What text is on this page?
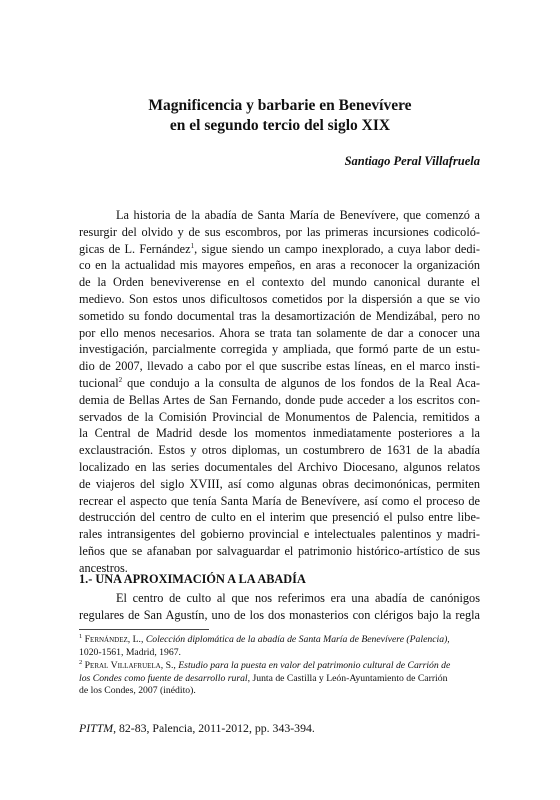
Magnificencia y barbarie en Benevívere
en el segundo tercio del siglo XIX
Santiago Peral Villafruela
La historia de la abadía de Santa María de Benevívere, que comenzó a
resurgir del olvido y de sus escombros, por las primeras incursiones codicoló-
gicas de L. Fernández$^1$, sigue siendo un campo inexplorado, a cuya labor dedi-
co en la actualidad mis mayores empeños, en aras a reconocer la organización
de la Orden beneviverense en el contexto del mundo canonical durante el
medievo. Son estos unos dificultosos cometidos por la dispersión a que se vio
sometido su fondo documental tras la desamortización de Mendizábal, pero no
por ello menos necesarios. Ahora se trata tan solamente de dar a conocer una
investigación, parcialmente corregida y ampliada, que formó parte de un estu-
dio de 2007, llevado a cabo por el que suscribe estas líneas, en el marco insti-
tucional$^2$ que condujo a la consulta de algunos de los fondos de la Real Aca-
demia de Bellas Artes de San Fernando, donde pude acceder a los escritos con-
servados de la Comisión Provincial de Monumentos de Palencia, remitidos a
la Central de Madrid desde los momentos inmediatamente posteriores a la
exclaustración. Estos y otros diplomas, un costumbrero de 1631 de la abadía
localizado en las series documentales del Archivo Diocesano, algunos relatos
de viajeros del siglo XVIII, así como algunas obras decimonónicas, permiten
recrear el aspecto que tenía Santa María de Benevívere, así como el proceso de
destrucción del centro de culto en el interim que presenció el pulso entre libe-
rales intransigentes del gobierno provincial e intelectuales palentinos y madri-
leños que se afanaban por salvaguardar el patrimonio histórico-artístico de sus
ancestros.
1.- UNA APROXIMACIÓN A LA ABADÍA
El centro de culto al que nos referimos era una abadía de canónigos
regulares de San Agustín, uno de los dos monasterios con clérigos bajo la regla
$^1$ Fernández, L., Colección diplomática de la abadía de Santa María de Benevívere (Palencia),
1020-1561, Madrid, 1967.
$^2$ Peral Villafruela, S., Estudio para la puesta en valor del patrimonio cultural de Carrión de
los Condes como fuente de desarrollo rural, Junta de Castilla y León-Ayuntamiento de Carrión
de los Condes, 2007 (inédito).
PITTM, 82-83, Palencia, 2011-2012, pp. 343-394.
